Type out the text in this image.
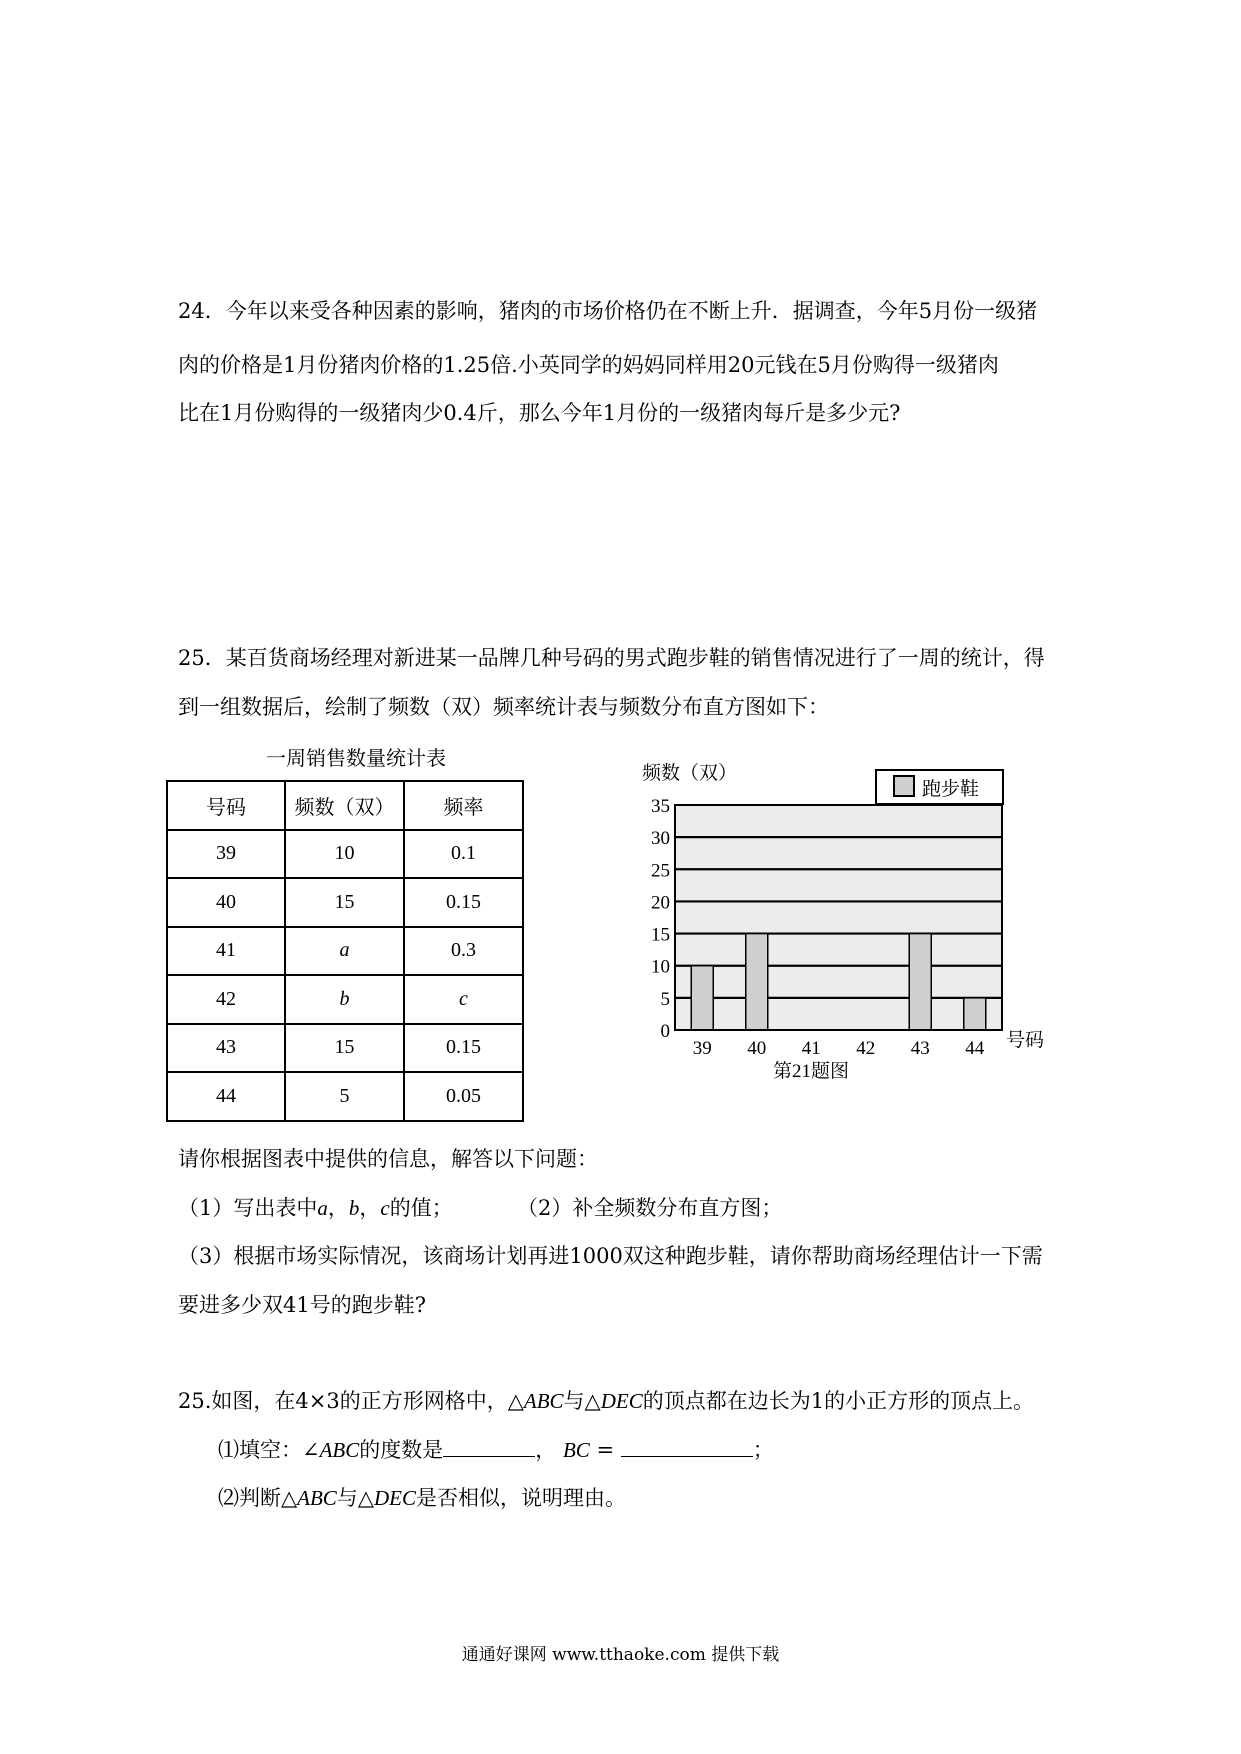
24．今年以来受各种因素的影响，猪肉的市场价格仍在不断上升．据调查，今年5月份一级猪
肉的价格是1月份猪肉价格的1.25倍.小英同学的妈妈同样用20元钱在5月份购得一级猪肉
比在1月份购得的一级猪肉少0.4斤，那么今年1月份的一级猪肉每斤是多少元?
25．某百货商场经理对新进某一品牌几种号码的男式跑步鞋的销售情况进行了一周的统计，得
到一组数据后，绘制了频数（双）频率统计表与频数分布直方图如下：
一周销售数量统计表
号码	频数（双）	频率
39	10	0.1
40	15	0.15
41	a	0.3
42	b	c
43	15	0.15
44	5	0.05
频数（双）
跑步鞋
0
5
10
15
20
25
30
35
39 40 41 42 43 44 号码
第21题图
请你根据图表中提供的信息，解答以下问题：
（1）写出表中a，b，c的值；	（2）补全频数分布直方图；
（3）根据市场实际情况，该商场计划再进1000双这种跑步鞋，请你帮助商场经理估计一下需
要进多少双41号的跑步鞋?
25.如图，在4×3的正方形网格中，△ABC与△DEC的顶点都在边长为1的小正方形的顶点上。
⑴填空：∠ABC的度数是	， BC =	；
⑵判断△ABC与△DEC是否相似，说明理由。
通通好课网 www.tthaoke.com 提供下载
